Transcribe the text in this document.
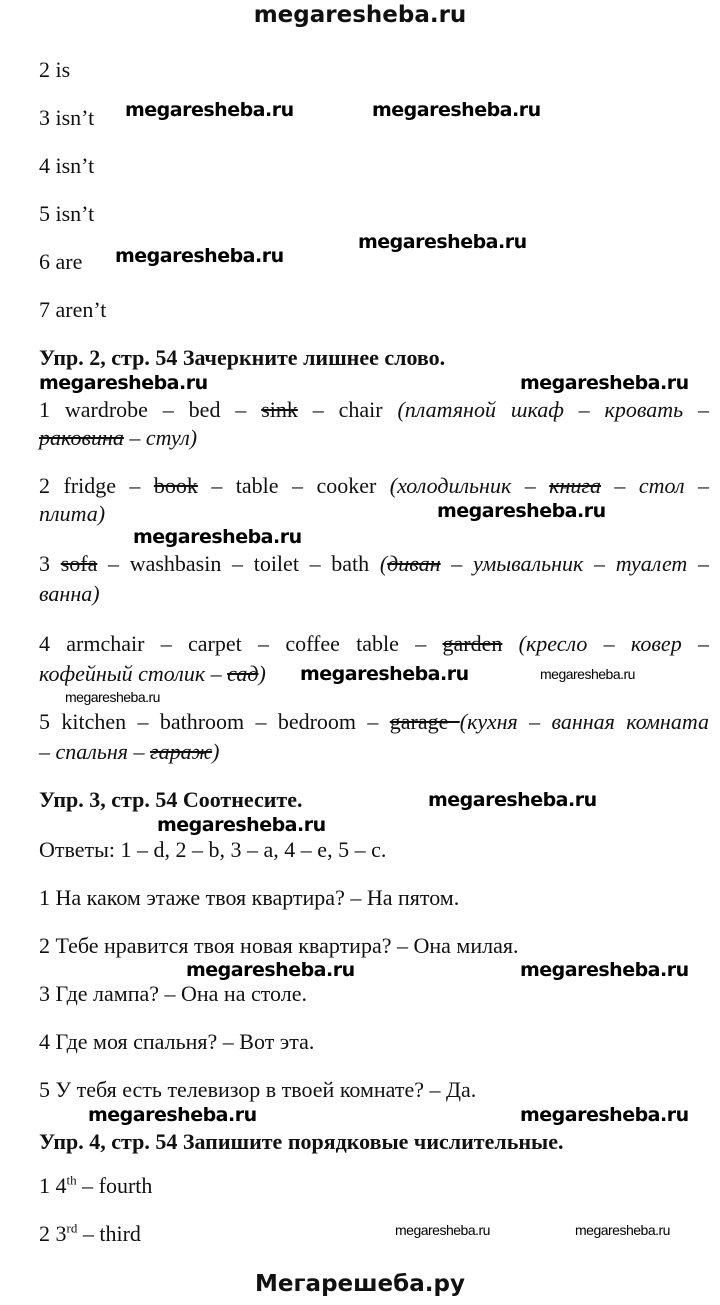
megaresheba.ru
2 is
3 isn’t
4 isn’t
5 isn’t
6 are
7 aren’t
Упр. 2, стр. 54 Зачеркните лишнее слово.
1 wardrobe – bed – sink – chair (платяной шкаф – кровать –
раковина – стул)
2 fridge – book – table – cooker (холодильник – книга – стол –
плита)
3 sofa – washbasin – toilet – bath (диван – умывальник – туалет –
ванна)
4 armchair – carpet – coffee table – garden (кресло – ковер –
кофейный столик – сад)
5 kitchen – bathroom – bedroom – garage (кухня – ванная комната
– спальня – гараж)
Упр. 3, стр. 54 Соотнесите.
Ответы: 1 – d, 2 – b, 3 – a, 4 – e, 5 – c.
1 На каком этаже твоя квартира? – На пятом.
2 Тебе нравится твоя новая квартира? – Она милая.
3 Где лампа? – Она на столе.
4 Где моя спальня? – Вот эта.
5 У тебя есть телевизор в твоей комнате? – Да.
Упр. 4, стр. 54 Запишите порядковые числительные.
1 4th – fourth
2 3rd – third
megaresheba.ru	megaresheba.ru
megaresheba.ru
megaresheba.ru
megaresheba.ru	megaresheba.ru
megaresheba.ru
megaresheba.ru
megaresheba.ru	megaresheba.ru
megaresheba.ru
megaresheba.ru
megaresheba.ru
megaresheba.ru	megaresheba.ru
megaresheba.ru
megaresheba.ru
megaresheba.ru	megaresheba.ru
Мегарешеба.ру
